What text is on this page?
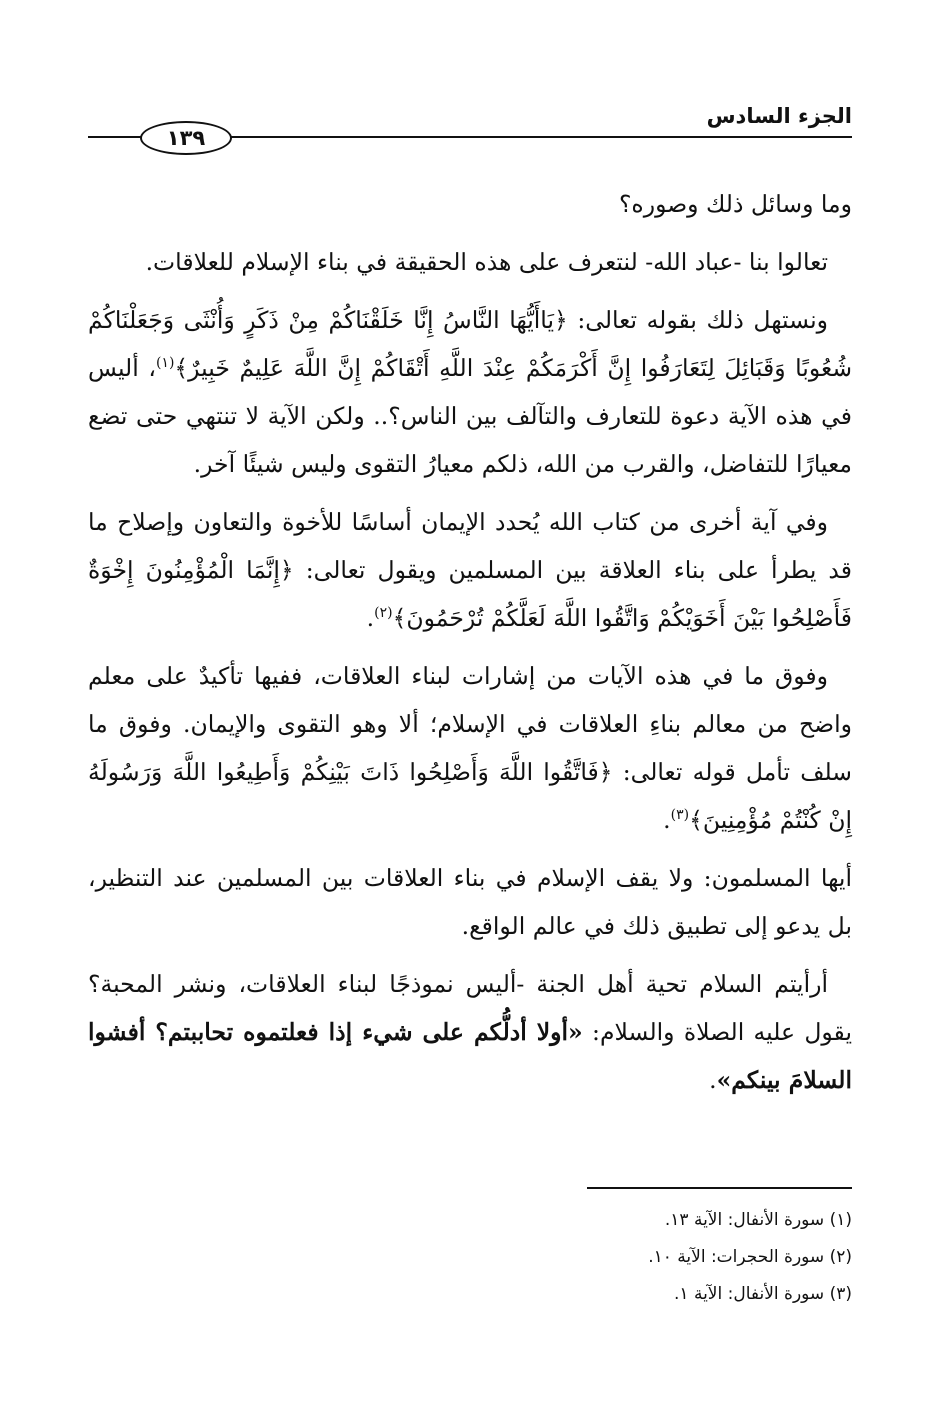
الجزء السادس
١٣٩

وما وسائل ذلك وصوره؟

تعالوا بنا -عباد الله- لنتعرف على هذه الحقيقة في بناء الإسلام للعلاقات.

ونستهل ذلك بقوله تعالى: ﴿يَاأَيُّهَا النَّاسُ إِنَّا خَلَقْنَاكُمْ مِنْ ذَكَرٍ وَأُنْثَى وَجَعَلْنَاكُمْ شُعُوبًا وَقَبَائِلَ لِتَعَارَفُوا إِنَّ أَكْرَمَكُمْ عِنْدَ اللَّهِ أَتْقَاكُمْ إِنَّ اللَّهَ عَلِيمٌ خَبِيرٌ﴾$^{(١)}$، أليس في هذه الآية دعوة للتعارف والتآلف بين الناس؟.. ولكن الآية لا تنتهي حتى تضع معيارًا للتفاضل، والقرب من الله، ذلكم معيارُ التقوى وليس شيئًا آخر.

وفي آية أخرى من كتاب الله يُحدد الإيمان أساسًا للأخوة والتعاون وإصلاح ما قد يطرأ على بناء العلاقة بين المسلمين ويقول تعالى: ﴿إِنَّمَا الْمُؤْمِنُونَ إِخْوَةٌ فَأَصْلِحُوا بَيْنَ أَخَوَيْكُمْ وَاتَّقُوا اللَّهَ لَعَلَّكُمْ تُرْحَمُونَ﴾$^{(٢)}$.

وفوق ما في هذه الآيات من إشارات لبناء العلاقات، ففيها تأكيدٌ على معلم واضح من معالم بناءِ العلاقات في الإسلام؛ ألا وهو التقوى والإيمان. وفوق ما سلف تأمل قوله تعالى: ﴿فَاتَّقُوا اللَّهَ وَأَصْلِحُوا ذَاتَ بَيْنِكُمْ وَأَطِيعُوا اللَّهَ وَرَسُولَهُ إِنْ كُنْتُمْ مُؤْمِنِينَ﴾$^{(٣)}$.

أيها المسلمون: ولا يقف الإسلام في بناء العلاقات بين المسلمين عند التنظير، بل يدعو إلى تطبيق ذلك في عالم الواقع.

أرأيتم السلام تحية أهل الجنة -أليس نموذجًا لبناء العلاقات، ونشر المحبة؟ يقول عليه الصلاة والسلام: «أولا أدلُّكم على شيء إذا فعلتموه تحاببتم؟ أفشوا السلامَ بينكم».

(١) سورة الأنفال: الآية ١٣.

(٢) سورة الحجرات: الآية ١٠.

(٣) سورة الأنفال: الآية ١.
